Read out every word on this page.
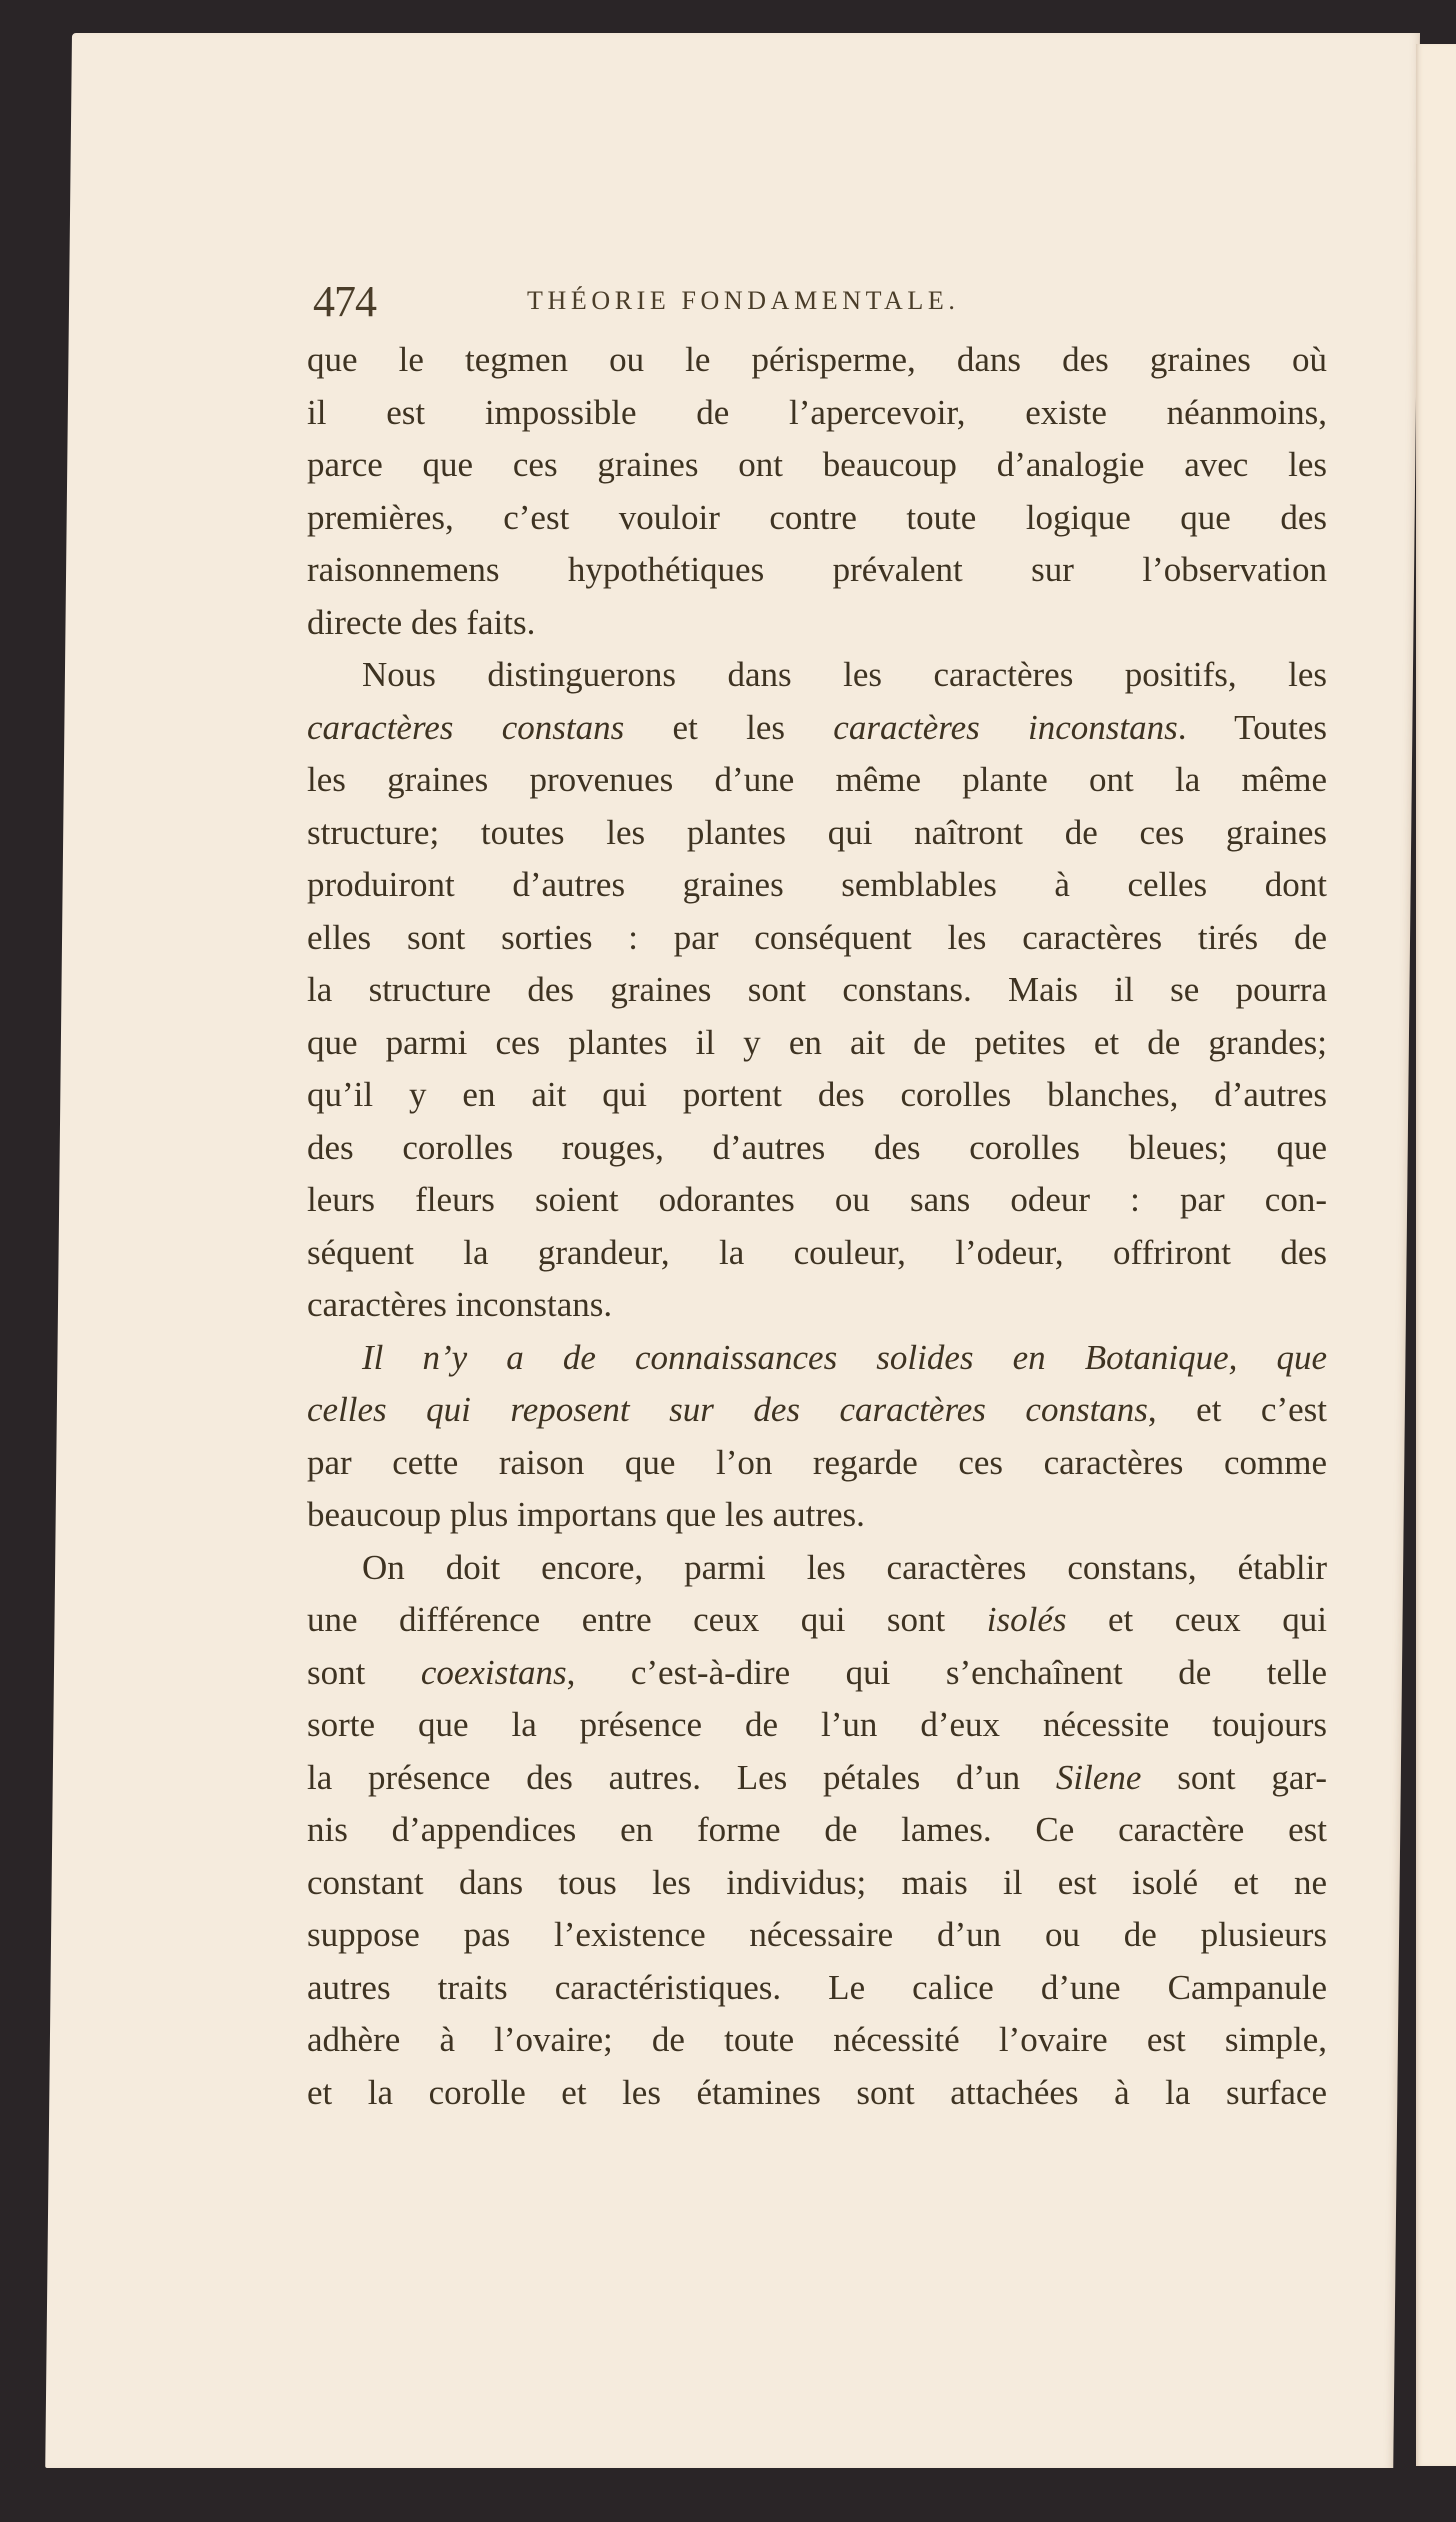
474	THÉORIE FONDAMENTALE.
que le tegmen ou le périsperme, dans des graines où
il est impossible de l’apercevoir, existe néanmoins,
parce que ces graines ont beaucoup d’analogie avec les
premières, c’est vouloir contre toute logique que des
raisonnemens hypothétiques prévalent sur l’observation
directe des faits.
Nous distinguerons dans les caractères positifs, les
caractères constans et les caractères inconstans. Toutes
les graines provenues d’une même plante ont la même
structure; toutes les plantes qui naîtront de ces graines
produiront d’autres graines semblables à celles dont
elles sont sorties : par conséquent les caractères tirés de
la structure des graines sont constans. Mais il se pourra
que parmi ces plantes il y en ait de petites et de grandes;
qu’il y en ait qui portent des corolles blanches, d’autres
des corolles rouges, d’autres des corolles bleues; que
leurs fleurs soient odorantes ou sans odeur : par con-
séquent la grandeur, la couleur, l’odeur, offriront des
caractères inconstans.
Il n’y a de connaissances solides en Botanique, que
celles qui reposent sur des caractères constans, et c’est
par cette raison que l’on regarde ces caractères comme
beaucoup plus importans que les autres.
On doit encore, parmi les caractères constans, établir
une différence entre ceux qui sont isolés et ceux qui
sont coexistans, c’est-à-dire qui s’enchaînent de telle
sorte que la présence de l’un d’eux nécessite toujours
la présence des autres. Les pétales d’un Silene sont gar-
nis d’appendices en forme de lames. Ce caractère est
constant dans tous les individus; mais il est isolé et ne
suppose pas l’existence nécessaire d’un ou de plusieurs
autres traits caractéristiques. Le calice d’une Campanule
adhère à l’ovaire; de toute nécessité l’ovaire est simple,
et la corolle et les étamines sont attachées à la surface
